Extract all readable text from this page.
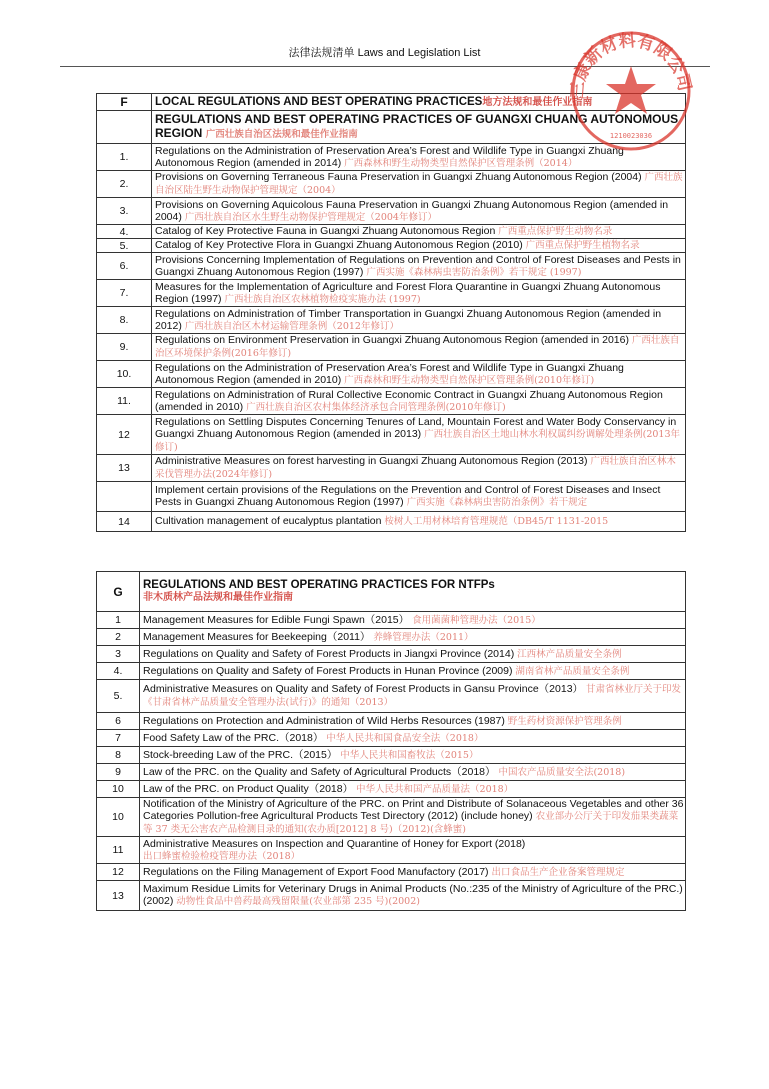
法律法规清单 Laws and Legislation List
F	LOCAL REGULATIONS AND BEST OPERATING PRACTICES地方法规和最佳作业指南
	REGULATIONS AND BEST OPERATING PRACTICES OF GUANGXI CHUANG AUTONOMOUS REGION 广西壮族自治区法规和最佳作业指南
1.	Regulations on the Administration of Preservation Area’s Forest and Wildlife Type in Guangxi Zhuang Autonomous Region (amended in 2014) 广西森林和野生动物类型自然保护区管理条例（2014）
2.	Provisions on Governing Terraneous Fauna Preservation in Guangxi Zhuang Autonomous Region (2004) 广西壮族自治区陆生野生动物保护管理规定（2004）
3.	Provisions on Governing Aquicolous Fauna Preservation in Guangxi Zhuang Autonomous Region (amended in 2004) 广西壮族自治区水生野生动物保护管理规定（2004年修订）
4.	Catalog of Key Protective Fauna in Guangxi Zhuang Autonomous Region 广西重点保护野生动物名录
5.	Catalog of Key Protective Flora in Guangxi Zhuang Autonomous Region (2010) 广西重点保护野生植物名录
6.	Provisions Concerning Implementation of Regulations on Prevention and Control of Forest Diseases and Pests in Guangxi Zhuang Autonomous Region (1997) 广西实施《森林病虫害防治条例》若干规定 (1997)
7.	Measures for the Implementation of Agriculture and Forest Flora Quarantine in Guangxi Zhuang Autonomous Region (1997) 广西壮族自治区农林植物检疫实施办法 (1997)
8.	Regulations on Administration of Timber Transportation in Guangxi Zhuang Autonomous Region (amended in 2012) 广西壮族自治区木材运输管理条例（2012年修订）
9.	Regulations on Environment Preservation in Guangxi Zhuang Autonomous Region (amended in 2016) 广西壮族自治区环境保护条例(2016年修订)
10.	Regulations on the Administration of Preservation Area’s Forest and Wildlife Type in Guangxi Zhuang Autonomous Region (amended in 2010) 广西森林和野生动物类型自然保护区管理条例(2010年修订)
11.	Regulations on Administration of Rural Collective Economic Contract in Guangxi Zhuang Autonomous Region (amended in 2010) 广西壮族自治区农村集体经济承包合同管理条例(2010年修订)
12	Regulations on Settling Disputes Concerning Tenures of Land, Mountain Forest and Water Body Conservancy in Guangxi Zhuang Autonomous Region (amended in 2013) 广西壮族自治区土地山林水利权属纠纷调解处理条例(2013年修订)
13	Administrative Measures on forest harvesting in Guangxi Zhuang Autonomous Region (2013) 广西壮族自治区林木采伐管理办法(2024年修订)
	Implement certain provisions of the Regulations on the Prevention and Control of Forest Diseases and Insect Pests in Guangxi Zhuang Autonomous Region (1997) 广西实施《森林病虫害防治条例》若干规定
14	Cultivation management of eucalyptus plantation 桉树人工用材林培育管理规范（DB45/T 1131-2015
G	REGULATIONS AND BEST OPERATING PRACTICES FOR NTFPs
非木质林产品法规和最佳作业指南
1	Management Measures for Edible Fungi Spawn（2015） 食用菌菌种管理办法（2015）
2	Management Measures for Beekeeping（2011） 养蜂管理办法（2011）
3	Regulations on Quality and Safety of Forest Products in Jiangxi Province (2014) 江西林产品质量安全条例
4.	Regulations on Quality and Safety of Forest Products in Hunan Province (2009) 湖南省林产品质量安全条例
5.	Administrative Measures on Quality and Safety of Forest Products in Gansu Province（2013） 甘肃省林业厅关于印发《甘肃省林产品质量安全管理办法(试行)》的通知（2013）
6	Regulations on Protection and Administration of Wild Herbs Resources (1987) 野生药材资源保护管理条例
7	Food Safety Law of the PRC.（2018） 中华人民共和国食品安全法（2018）
8	Stock-breeding Law of the PRC.（2015） 中华人民共和国畜牧法（2015）
9	Law of the PRC. on the Quality and Safety of Agricultural Products（2018） 中国农产品质量安全法(2018)
10	Law of the PRC. on Product Quality（2018） 中华人民共和国产品质量法（2018）
10	Notification of the Ministry of Agriculture of the PRC. on Print and Distribute of Solanaceous Vegetables and other 36 Categories Pollution-free Agricultural Products Test Directory (2012) (include honey) 农业部办公厅关于印发茄果类蔬菜等 37 类无公害农产品检测目录的通知(农办质[2012] 8 号)（2012)(含蜂蜜)
11	Administrative Measures on Inspection and Quarantine of Honey for Export (2018) 出口蜂蜜检验检疫管理办法（2018）
12	Regulations on the Filing Management of Export Food Manufactory (2017) 出口食品生产企业备案管理规定
13	Maximum Residue Limits for Veterinary Drugs in Animal Products (No.:235 of the Ministry of Agriculture of the PRC.) (2002) 动物性食品中兽药最高残留限量(农业部第 235 号)(2002)
三康新材料有限公司
1210023036
